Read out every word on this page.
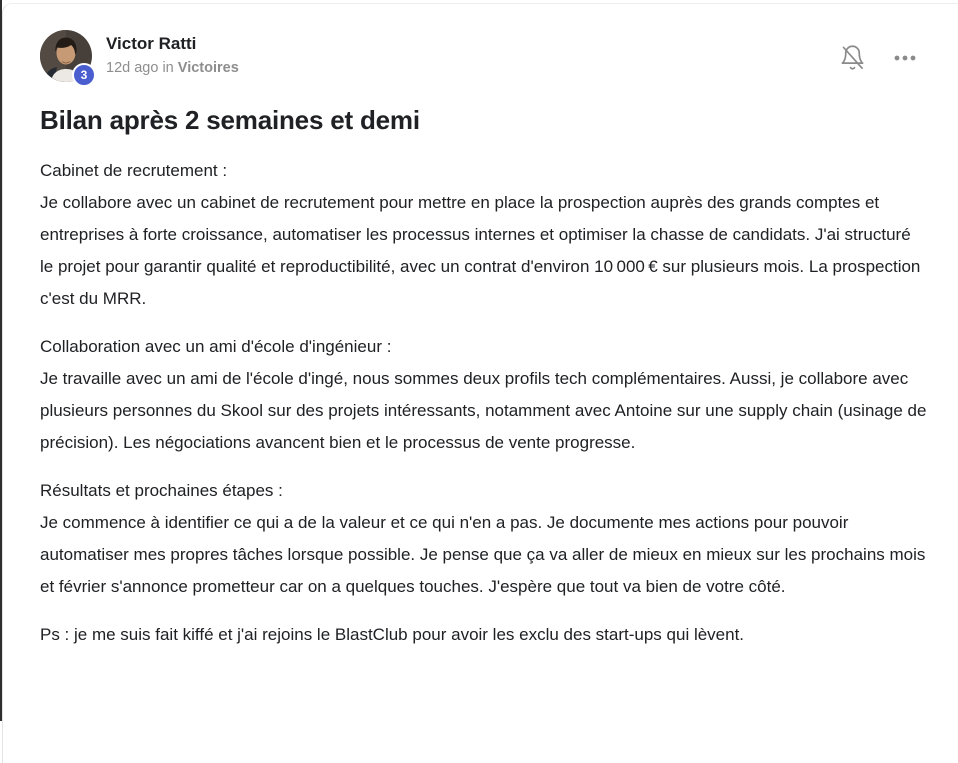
3
Victor Ratti
12d ago in Victoires
Bilan après 2 semaines et demi

Cabinet de recrutement :
Je collabore avec un cabinet de recrutement pour mettre en place la prospection auprès des grands comptes et entreprises à forte croissance, automatiser les processus internes et optimiser la chasse de candidats. J'ai structuré le projet pour garantir qualité et reproductibilité, avec un contrat d'environ 10 000 € sur plusieurs mois. La prospection c'est du MRR.

Collaboration avec un ami d'école d'ingénieur :
Je travaille avec un ami de l'école d'ingé, nous sommes deux profils tech complémentaires. Aussi, je collabore avec plusieurs personnes du Skool sur des projets intéressants, notamment avec Antoine sur une supply chain (usinage de précision). Les négociations avancent bien et le processus de vente progresse.

Résultats et prochaines étapes :
Je commence à identifier ce qui a de la valeur et ce qui n'en a pas. Je documente mes actions pour pouvoir automatiser mes propres tâches lorsque possible. Je pense que ça va aller de mieux en mieux sur les prochains mois et février s'annonce prometteur car on a quelques touches. J'espère que tout va bien de votre côté.

Ps : je me suis fait kiffé et j'ai rejoins le BlastClub pour avoir les exclu des start-ups qui lèvent.
